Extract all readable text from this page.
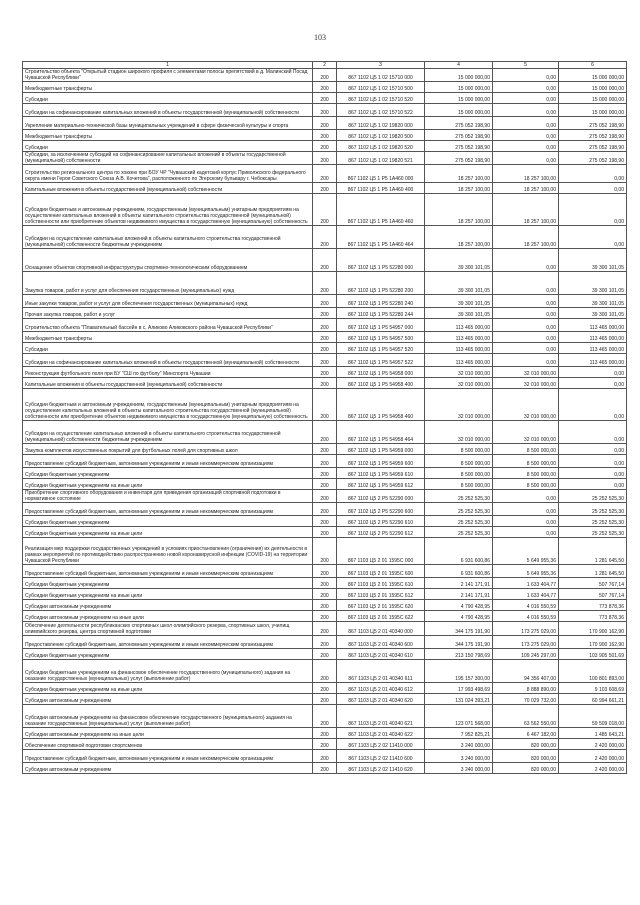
103
1	2	3	4	5	6
Строительство объекта "Открытый стадион широкого профиля с элементами полосы препятствий в д. Малинский Посад Чувашской Республики"	200	867 1102 Ц5 1 02 15710 000	15 000 000,00	0,00	15 000 000,00
Межбюджетные трансферты	200	867 1102 Ц5 1 02 15710 500	15 000 000,00	0,00	15 000 000,00
Субсидии	200	867 1102 Ц5 1 02 15710 520	15 000 000,00	0,00	15 000 000,00
Субсидии на софинансирование капитальных вложений в объекты государственной (муниципальной) собственности	200	867 1102 Ц5 1 02 15710 522	15 000 000,00	0,00	15 000 000,00
Укрепление материально-технической базы муниципальных учреждений в сфере физической культуры и спорта	200	867 1102 Ц5 1 02 19820 000	275 052 198,90	0,00	275 052 198,90
Межбюджетные трансферты	200	867 1102 Ц5 1 02 19820 500	275 052 198,90	0,00	275 052 198,90
Субсидии	200	867 1102 Ц5 1 02 19820 520	275 052 198,90	0,00	275 052 198,90
Субсидии, за исключением субсидий на софинансирование капитальных вложений в объекты государственной (муниципальной) собственности	200	867 1102 Ц5 1 02 19820 521	275 052 198,90	0,00	275 052 198,90
Строительство регионального центра по хоккею при БОУ ЧР "Чувашский кадетский корпус Приволжского федерального округа имени Героя Советского Союза А.В. Кочетова", расположенного по Эгерскому бульвару г. Чебоксары	200	867 1102 Ц5 1 P5 1A460 000	18 257 100,00	18 257 100,00	0,00
Капитальные вложения в объекты государственной (муниципальной) собственности	200	867 1102 Ц5 1 P5 1A460 400	18 257 100,00	18 257 100,00	0,00
Субсидии бюджетным и автономным учреждениям, государственным (муниципальным) унитарным предприятиям на осуществление капитальных вложений в объекты капитального строительства государственной (муниципальной) собственности или приобретение объектов недвижимого имущества в государственную (муниципальную) собственность	200	867 1102 Ц5 1 P5 1A460 460	18 257 100,00	18 257 100,00	0,00
Субсидии на осуществление капитальных вложений в объекты капитального строительства государственной (муниципальной) собственности бюджетным учреждениям	200	867 1102 Ц5 1 P5 1A460 464	18 257 100,00	18 257 100,00	0,00
Оснащение объектов спортивной инфраструктуры спортивно-технологическим оборудованием	200	867 1102 Ц5 1 P5 52280 000	39 300 101,05	0,00	39 300 101,05
Закупка товаров, работ и услуг для обеспечения государственных (муниципальных) нужд	200	867 1102 Ц5 1 P5 52280 200	39 300 101,05	0,00	39 300 101,05
Иные закупки товаров, работ и услуг для обеспечения государственных (муниципальных) нужд	200	867 1102 Ц5 1 P5 52280 240	39 300 101,05	0,00	39 300 101,05
Прочая закупка товаров, работ и услуг	200	867 1102 Ц5 1 P5 52280 244	39 300 101,05	0,00	39 300 101,05
Строительство объекта "Плавательный бассейн в с. Аликово Аликовского района Чувашской Республики"	200	867 1102 Ц5 1 P5 54957 000	113 465 000,00	0,00	113 465 000,00
Межбюджетные трансферты	200	867 1102 Ц5 1 P5 54957 500	113 465 000,00	0,00	113 465 000,00
Субсидии	200	867 1102 Ц5 1 P5 54957 520	113 465 000,00	0,00	113 465 000,00
Субсидии на софинансирование капитальных вложений в объекты государственной (муниципальной) собственности	200	867 1102 Ц5 1 P5 54957 522	113 465 000,00	0,00	113 465 000,00
Реконструкция футбольного поля при БУ "СШ по футболу" Минспорта Чувашии	200	867 1102 Ц5 1 P5 54958 000	32 010 000,00	32 010 000,00	0,00
Капитальные вложения в объекты государственной (муниципальной) собственности	200	867 1102 Ц5 1 P5 54958 400	32 010 000,00	32 010 000,00	0,00
Субсидии бюджетным и автономным учреждениям, государственным (муниципальным) унитарным предприятиям на осуществление капитальных вложений в объекты капитального строительства государственной (муниципальной) собственности или приобретение объектов недвижимого имущества в государственную (муниципальную) собственность	200	867 1102 Ц5 1 P5 54958 460	32 010 000,00	32 010 000,00	0,00
Субсидии на осуществление капитальных вложений в объекты капитального строительства государственной (муниципальной) собственности бюджетным учреждениям	200	867 1102 Ц5 1 P5 54958 464	32 010 000,00	32 010 000,00	0,00
Закупка комплектов искусственных покрытий для футбольных полей для спортивных школ	200	867 1102 Ц5 1 P5 54959 000	8 500 000,00	8 500 000,00	0,00
Предоставление субсидий бюджетным, автономным учреждениям и иным некоммерческим организациям	200	867 1102 Ц5 1 P5 54959 600	8 500 000,00	8 500 000,00	0,00
Субсидии бюджетным учреждениям	200	867 1102 Ц5 1 P5 54959 610	8 500 000,00	8 500 000,00	0,00
Субсидии бюджетным учреждениям на иные цели	200	867 1102 Ц5 1 P5 54959 612	8 500 000,00	8 500 000,00	0,00
Приобретение спортивного оборудования и инвентаря для приведения организаций спортивной подготовки в нормативное состояние	200	867 1102 Ц5 2 P5 52290 000	25 252 525,30	0,00	25 252 525,30
Предоставление субсидий бюджетным, автономным учреждениям и иным некоммерческим организациям	200	867 1102 Ц5 2 P5 52290 600	25 252 525,30	0,00	25 252 525,30
Субсидии бюджетным учреждениям	200	867 1102 Ц5 2 P5 52290 610	25 252 525,30	0,00	25 252 525,30
Субсидии бюджетным учреждениям на иные цели	200	867 1102 Ц5 2 P5 52290 612	25 252 525,30	0,00	25 252 525,30
Реализация мер поддержки государственных учреждений в условиях приостановления (ограничения) их деятельности в рамках мероприятий по противодействию распространению новой коронавирусной инфекции (COVID-19) на территории Чувашской Республики	200	867 1103 Ц5 2 01 1595C 000	6 931 600,86	5 649 955,36	1 281 645,50
Предоставление субсидий бюджетным, автономным учреждениям и иным некоммерческим организациям	200	867 1103 Ц5 2 01 1595C 600	6 931 600,86	5 649 955,36	1 281 645,50
Субсидии бюджетным учреждениям	200	867 1103 Ц5 2 01 1595C 610	2 141 171,91	1 633 404,77	507 767,14
Субсидии бюджетным учреждениям на иные цели	200	867 1103 Ц5 2 01 1595C 612	2 141 171,91	1 633 404,77	507 767,14
Субсидии автономным учреждениям	200	867 1103 Ц5 2 01 1595C 620	4 790 428,95	4 016 550,59	773 878,36
Субсидии автономным учреждениям на иные цели	200	867 1103 Ц5 2 01 1595C 622	4 790 428,95	4 016 550,59	773 878,36
Обеспечение деятельности республиканских спортивных школ олимпийского резерва, спортивных школ, училищ олимпийского резерва, центра спортивной подготовки	200	867 1103 Ц5 2 01 40340 000	344 175 191,90	173 275 029,00	170 900 162,90
Предоставление субсидий бюджетным, автономным учреждениям и иным некоммерческим организациям	200	867 1103 Ц5 2 01 40340 600	344 175 191,90	173 275 029,00	170 900 162,90
Субсидии бюджетным учреждениям	200	867 1103 Ц5 2 01 40340 610	213 150 798,69	109 245 297,00	103 905 501,69
Субсидии бюджетным учреждениям на финансовое обеспечение государственного (муниципального) задания на оказание государственных (муниципальных) услуг (выполнение работ)	200	867 1103 Ц5 2 01 40340 611	195 157 300,00	94 356 407,00	100 801 893,00
Субсидии бюджетным учреждениям на иные цели	200	867 1103 Ц5 2 01 40340 612	17 993 498,69	8 888 890,00	9 103 608,69
Субсидии автономным учреждениям	200	867 1103 Ц5 2 01 40340 620	131 024 393,21	70 029 732,00	60 994 661,21
Субсидии автономным учреждениям на финансовое обеспечение государственного (муниципального) задания на оказание государственных (муниципальных) услуг (выполнение работ)	200	867 1103 Ц5 2 01 40340 621	123 071 568,00	63 562 550,00	59 509 018,00
Субсидии автономным учреждениям на иные цели	200	867 1103 Ц5 2 01 40340 622	7 952 825,21	6 467 182,00	1 485 643,21
Обеспечение спортивной подготовки спортсменов	200	867 1103 Ц5 2 02 11410 000	3 240 000,00	820 000,00	2 420 000,00
Предоставление субсидий бюджетным, автономным учреждениям и иным некоммерческим организациям	200	867 1103 Ц5 2 02 11410 600	3 240 000,00	820 000,00	2 420 000,00
Субсидии автономным учреждениям	200	867 1103 Ц5 2 02 11410 620	3 240 000,00	820 000,00	2 420 000,00
